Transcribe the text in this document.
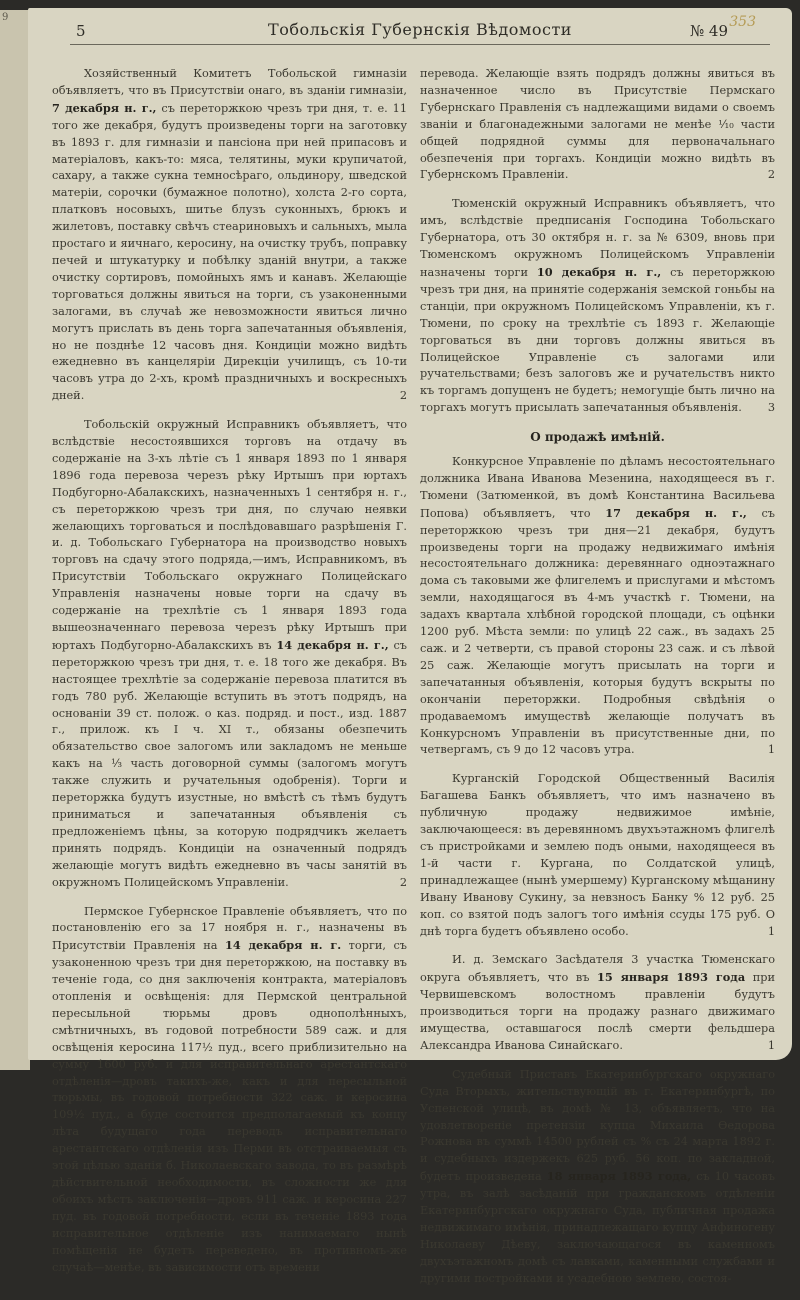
9
5	Тобольскія Губернскія Вѣдомости	№ 49 353

Хозяйственный Комитетъ Тобольской гимназіи объявляетъ, что въ Присутствіи онаго, въ зданіи гимназіи, 7 декабря н. г., съ переторжкою чрезъ три дня, т. е. 11 того же декабря, будутъ произведены торги на заготовку въ 1893 г. для гимназіи и пансіона при ней припасовъ и матеріаловъ, какъ-то: мяса, телятины, муки крупичатой, сахару, а также сукна темносѣраго, ольдинору, шведской матеріи, сорочки (бумажное полотно), холста 2-го сорта, платковъ носовыхъ, шитье блузъ суконныхъ, брюкъ и жилетовъ, поставку свѣчъ стеариновыхъ и сальныхъ, мыла простаго и яичнаго, керосину, на очистку трубъ, поправку печей и штукатурку и побѣлку зданій внутри, а также очистку сортировъ, помойныхъ ямъ и канавъ. Желающіе торговаться должны явиться на торги, съ узаконенными залогами, въ случаѣ же невозможности явиться лично могутъ прислать въ день торга запечатанныя объявленія, но не позднѣе 12 часовъ дня. Кондиціи можно видѣть ежедневно въ канцеляріи Дирекціи училищъ, съ 10-ти часовъ утра до 2-хъ, кромѣ праздничныхъ и воскресныхъ дней.	2

Тобольскій окружный Исправникъ объявляетъ, что вслѣдствіе несостоявшихся торговъ на отдачу въ содержаніе на 3-хъ лѣтіе съ 1 января 1893 по 1 января 1896 года перевоза черезъ рѣку Иртышъ при юртахъ Подбугорно-Абалакскихъ, назначенныхъ 1 сентября н. г., съ переторжкою чрезъ три дня, по случаю неявки желающихъ торговаться и послѣдовавшаго разрѣшенія Г. и. д. Тобольскаго Губернатора на производство новыхъ торговъ на сдачу этого подряда,—имъ, Исправникомъ, въ Присутствіи Тобольскаго окружнаго Полицейскаго Управленія назначены новые торги на сдачу въ содержаніе на трехлѣтіе съ 1 января 1893 года вышеозначеннаго перевоза черезъ рѣку Иртышъ при юртахъ Подбугорно-Абалакскихъ въ 14 декабря н. г., съ переторжкою чрезъ три дня, т. е. 18 того же декабря. Въ настоящее трехлѣтіе за содержаніе перевоза платится въ годъ 780 руб. Желающіе вступить въ этотъ подрядъ, на основаніи 39 ст. полож. о каз. подряд. и пост., изд. 1887 г., прилож. къ I ч. XI т., обязаны обезпечить обязательство свое залогомъ или закладомъ не меньше какъ на ⅓ часть договорной суммы (залогомъ могутъ также служить и ручательныя одобренія). Торги и переторжка будутъ изустные, но вмѣстѣ съ тѣмъ будутъ приниматься и запечатанныя объявленія съ предложеніемъ цѣны, за которую подрядчикъ желаетъ принять подрядъ. Кондиціи на означенный подрядъ желающіе могутъ видѣть ежедневно въ часы занятій въ окружномъ Полицейскомъ Управленіи.	2

Пермское Губернское Правленіе объявляетъ, что по постановленію его за 17 ноября н. г., назначены въ Присутствіи Правленія на 14 декабря н. г. торги, съ узаконенною чрезъ три дня переторжкою, на поставку въ теченіе года, со дня заключенія контракта, матеріаловъ отопленія и освѣщенія: для Пермской центральной пересыльной тюрьмы дровъ однополѣнныхъ, смѣтничныхъ, въ годовой потребности 589 саж. и для освѣщенія керосина 117½ пуд., всего приблизительно на сумму 1600 руб. и для исправительнаго арестантскаго отдѣленія—дровъ такихъ-же, какъ и для пересыльной тюрьмы, въ годовой потребности 322 саж. и керосина 109½ пуд., а буде состоится предполагаемый къ концу лѣта будущаго года переводъ исправительнаго арестантскаго отдѣленія изъ Перми въ отстраиваемыя съ этой цѣлью зданія б. Николаевскаго завода, то въ размѣрѣ дѣйствительной необходимости, въ сложности же для обоихъ мѣстъ заключенія—дровъ 911 саж. и керосина 227 пуд. въ годовой потребности, если въ теченіе 1893 года исправительное отдѣленіе изъ нанимаемаго нынѣ помѣщенія не будетъ переведено, въ противномъ-же случаѣ—менѣе, въ зависимости отъ времени

перевода. Желающіе взять подрядъ должны явиться въ назначенное число въ Присутствіе Пермскаго Губернскаго Правленія съ надлежащими видами о своемъ званіи и благонадежными залогами не менѣе ¹⁄₁₀ части общей подрядной суммы для первоначальнаго обезпеченія при торгахъ. Кондиціи можно видѣть въ Губернскомъ Правленіи.	2

Тюменскій окружный Исправникъ объявляетъ, что имъ, вслѣдствіе предписанія Господина Тобольскаго Губернатора, отъ 30 октября н. г. за № 6309, вновь при Тюменскомъ окружномъ Полицейскомъ Управленіи назначены торги 10 декабря н. г., съ переторжкою чрезъ три дня, на принятіе содержанія земской гоньбы на станціи, при окружномъ Полицейскомъ Управленіи, къ г. Тюмени, по сроку на трехлѣтіе съ 1893 г. Желающіе торговаться въ дни торговъ должны явиться въ Полицейское Управленіе съ залогами или ручательствами; безъ залоговъ же и ручательствъ никто къ торгамъ допущенъ не будетъ; немогущіе быть лично на торгахъ могутъ присылать запечатанныя объявленія. 3

О продажѣ имѣній.

Конкурсное Управленіе по дѣламъ несостоятельнаго должника Ивана Иванова Мезенина, находящееся въ г. Тюмени (Затюменкой, въ домѣ Константина Васильева Попова) объявляетъ, что 17 декабря н. г., съ переторжкою чрезъ три дня—21 декабря, будутъ произведены торги на продажу недвижимаго имѣнія несостоятельнаго должника: деревяннаго одноэтажнаго дома съ таковыми же флигелемъ и прислугами и мѣстомъ земли, находящагося въ 4-мъ участкѣ г. Тюмени, на задахъ квартала хлѣбной городской площади, съ оцѣнки 1200 руб. Мѣста земли: по улицѣ 22 саж., въ задахъ 25 саж. и 2 четверти, съ правой стороны 23 саж. и съ лѣвой 25 саж. Желающіе могутъ присылать на торги и запечатанныя объявленія, которыя будутъ вскрыты по окончаніи переторжки. Подробныя свѣдѣнія о продаваемомъ имуществѣ желающіе получатъ въ Конкурсномъ Управленіи въ присутственные дни, по четвергамъ, съ 9 до 12 часовъ утра.	1

Курганскій Городской Общественный Василія Багашева Банкъ объявляетъ, что имъ назначено въ публичную продажу недвижимое имѣніе, заключающееся: въ деревянномъ двухъэтажномъ флигелѣ съ пристройками и землею подъ оными, находящееся въ 1-й части г. Кургана, по Солдатской улицѣ, принадлежащее (нынѣ умершему) Курганскому мѣщанину Ивану Иванову Сукину, за невзносъ Банку % 12 руб. 25 коп. со взятой подъ залогъ того имѣнія ссуды 175 руб. О днѣ торга будетъ объявлено особо.	1

И. д. Земскаго Засѣдателя 3 участка Тюменскаго округа объявляетъ, что въ 15 января 1893 года при Червишевскомъ волостномъ правленіи будутъ производиться торги на продажу разнаго движимаго имущества, оставшагося послѣ смерти фельдшера Александра Иванова Синайскаго.	1

Судебный Приставъ Екатеринбургскаго окружнаго Суда Вторыхъ, жительствующій въ г. Екатеринбургѣ, по Успенской улицѣ, въ домѣ № 13, объявляетъ, что на удовлетвореніе претензіи купца Михаила Өедорова Рожнова въ суммѣ 14500 рублей съ % съ 24 марта 1892 г. и судебныхъ издержекъ 625 руб. 56 коп. по закладной, будетъ произведена 18 января 1893 года, съ 10 часовъ утра, въ залѣ засѣданій при гражданскомъ отдѣленіи Екатеринбургскаго окружнаго Суда, публичная продажа недвижимаго имѣнія, принадлежащаго купцу Анфиногену Николаеву Дѣеву, заключающагося въ каменномъ двухъэтажномъ домѣ съ лавками, каменными службами и другими постройками и усадебною землею, состоя-
